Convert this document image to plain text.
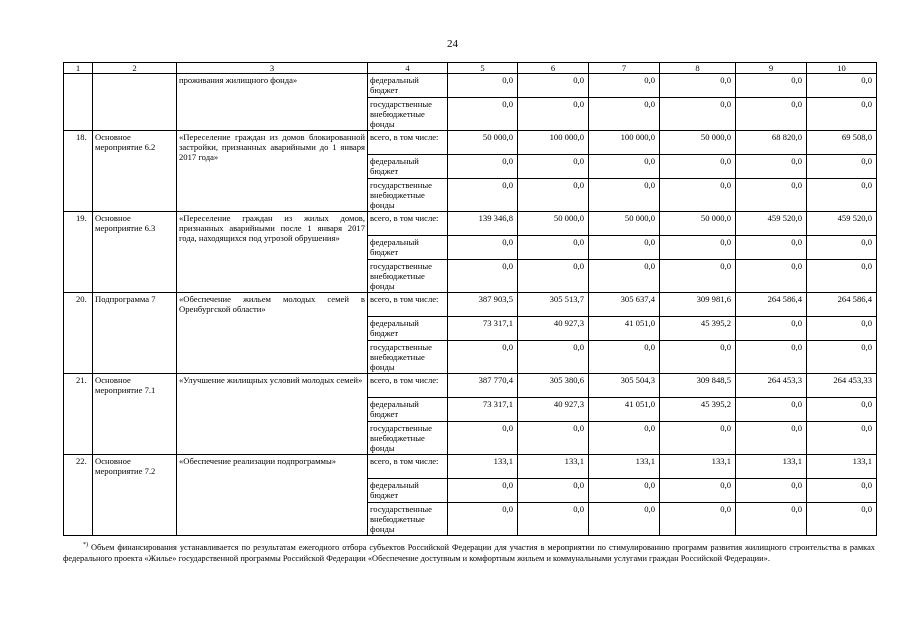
24
1	2	3	4	5	6	7	8	9	10
		проживания жилищного фонда»	федеральный бюджет	0,0	0,0	0,0	0,0	0,0	0,0
			государственные внебюджетные фонды	0,0	0,0	0,0	0,0	0,0	0,0
18.	Основное мероприятие 6.2	«Переселение граждан из домов блокированной застройки, признанных аварийными до 1 января 2017 года»	всего, в том числе:	50 000,0	100 000,0	100 000,0	50 000,0	68 820,0	69 508,0
			федеральный бюджет	0,0	0,0	0,0	0,0	0,0	0,0
			государственные внебюджетные фонды	0,0	0,0	0,0	0,0	0,0	0,0
19.	Основное мероприятие 6.3	«Переселение граждан из жилых домов, признанных аварийными после 1 января 2017 года, находящихся под угрозой обрушения»	всего, в том числе:	139 346,8	50 000,0	50 000,0	50 000,0	459 520,0	459 520,0
			федеральный бюджет	0,0	0,0	0,0	0,0	0,0	0,0
			государственные внебюджетные фонды	0,0	0,0	0,0	0,0	0,0	0,0
20.	Подпрограмма 7	«Обеспечение жильем молодых семей в Оренбургской области»	всего, в том числе:	387 903,5	305 513,7	305 637,4	309 981,6	264 586,4	264 586,4
			федеральный бюджет	73 317,1	40 927,3	41 051,0	45 395,2	0,0	0,0
			государственные внебюджетные фонды	0,0	0,0	0,0	0,0	0,0	0,0
21.	Основное мероприятие 7.1	«Улучшение жилищных условий молодых семей»	всего, в том числе:	387 770,4	305 380,6	305 504,3	309 848,5	264 453,3	264 453,33
			федеральный бюджет	73 317,1	40 927,3	41 051,0	45 395,2	0,0	0,0
			государственные внебюджетные фонды	0,0	0,0	0,0	0,0	0,0	0,0
22.	Основное мероприятие 7.2	«Обеспечение реализации подпрограммы»	всего, в том числе:	133,1	133,1	133,1	133,1	133,1	133,1
			федеральный бюджет	0,0	0,0	0,0	0,0	0,0	0,0
			государственные внебюджетные фонды	0,0	0,0	0,0	0,0	0,0	0,0
*) Объем финансирования устанавливается по результатам ежегодного отбора субъектов Российской Федерации для участия в мероприятии по стимулированию программ развития жилищного строительства в рамках федерального проекта «Жилье» государственной программы Российской Федерации «Обеспечение доступным и комфортным жильем и коммунальными услугами граждан Российской Федерации».
